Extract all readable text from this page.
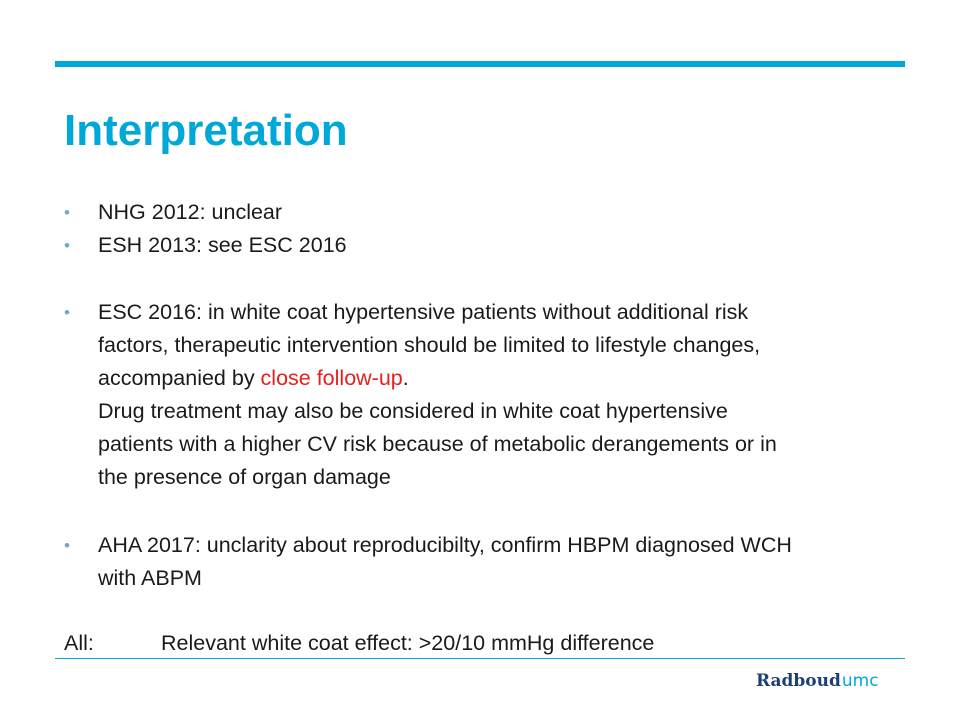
Interpretation
• NHG 2012: unclear
• ESH 2013: see ESC 2016
• ESC 2016: in white coat hypertensive patients without additional risk
factors, therapeutic intervention should be limited to lifestyle changes,
accompanied by close follow-up.
Drug treatment may also be considered in white coat hypertensive
patients with a higher CV risk because of metabolic derangements or in
the presence of organ damage
• AHA 2017: unclarity about reproducibilty, confirm HBPM diagnosed WCH
with ABPM
All:	Relevant white coat effect: >20/10 mmHg difference
Radboudumc
